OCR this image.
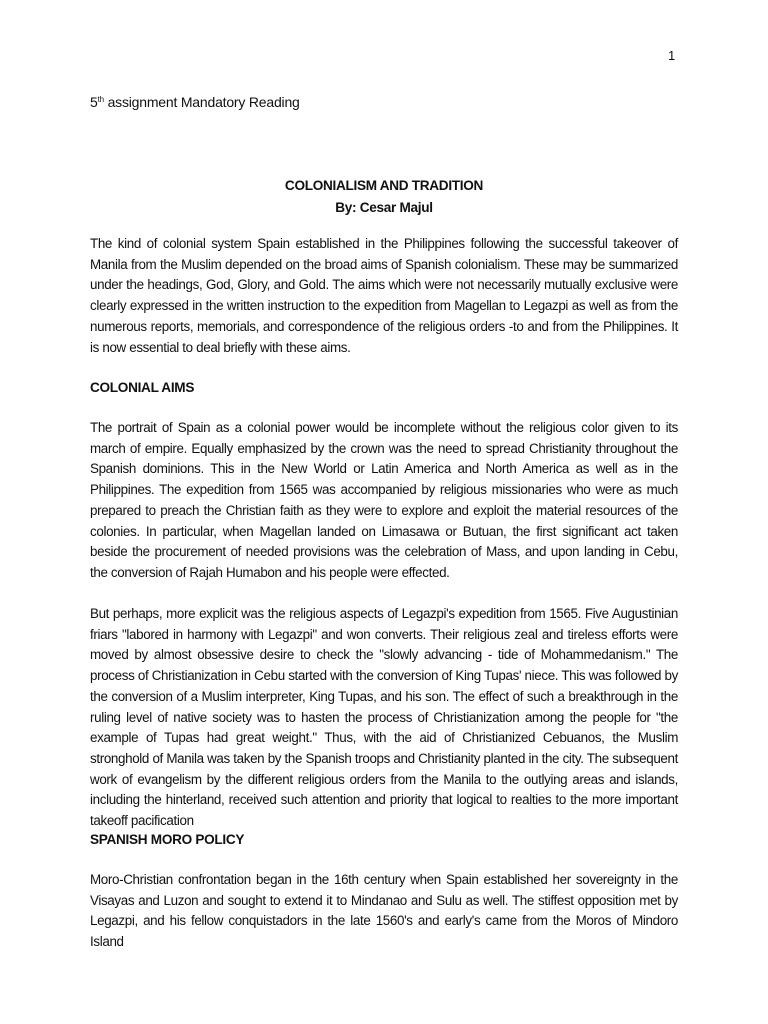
1
5th assignment Mandatory Reading
COLONIALISM AND TRADITION
By: Cesar Majul

The kind of colonial system Spain established in the Philippines following the successful takeover of Manila from the Muslim depended on the broad aims of Spanish colonialism. These may be summarized under the headings, God, Glory, and Gold. The aims which were not necessarily mutually exclusive were clearly expressed in the written instruction to the expedition from Magellan to Legazpi as well as from the numerous reports, memorials, and correspondence of the religious orders -to and from the Philippines. It is now essential to deal briefly with these aims.

COLONIAL AIMS

The portrait of Spain as a colonial power would be incomplete without the religious color given to its march of empire. Equally emphasized by the crown was the need to spread Christianity throughout the Spanish dominions. This in the New World or Latin America and North America as well as in the Philippines. The expedition from 1565 was accompanied by religious missionaries who were as much prepared to preach the Christian faith as they were to explore and exploit the material resources of the colonies. In particular, when Magellan landed on Limasawa or Butuan, the first significant act taken beside the procurement of needed provisions was the celebration of Mass, and upon landing in Cebu, the conversion of Rajah Humabon and his people were effected.

But perhaps, more explicit was the religious aspects of Legazpi's expedition from 1565. Five Augustinian friars "labored in harmony with Legazpi" and won converts. Their religious zeal and tireless efforts were moved by almost obsessive desire to check the "slowly advancing - tide of Mohammedanism." The process of Christianization in Cebu started with the conversion of King Tupas' niece. This was followed by the conversion of a Muslim interpreter, King Tupas, and his son. The effect of such a breakthrough in the ruling level of native society was to hasten the process of Christianization among the people for "the example of Tupas had great weight." Thus, with the aid of Christianized Cebuanos, the Muslim stronghold of Manila was taken by the Spanish troops and Christianity planted in the city. The subsequent work of evangelism by the different religious orders from the Manila to the outlying areas and islands, including the hinterland, received such attention and priority that logical to realties to the more important takeoff pacification

SPANISH MORO POLICY

Moro-Christian confrontation began in the 16th century when Spain established her sovereignty in the Visayas and Luzon and sought to extend it to Mindanao and Sulu as well. The stiffest opposition met by Legazpi, and his fellow conquistadors in the late 1560's and early's came from the Moros of Mindoro Island
